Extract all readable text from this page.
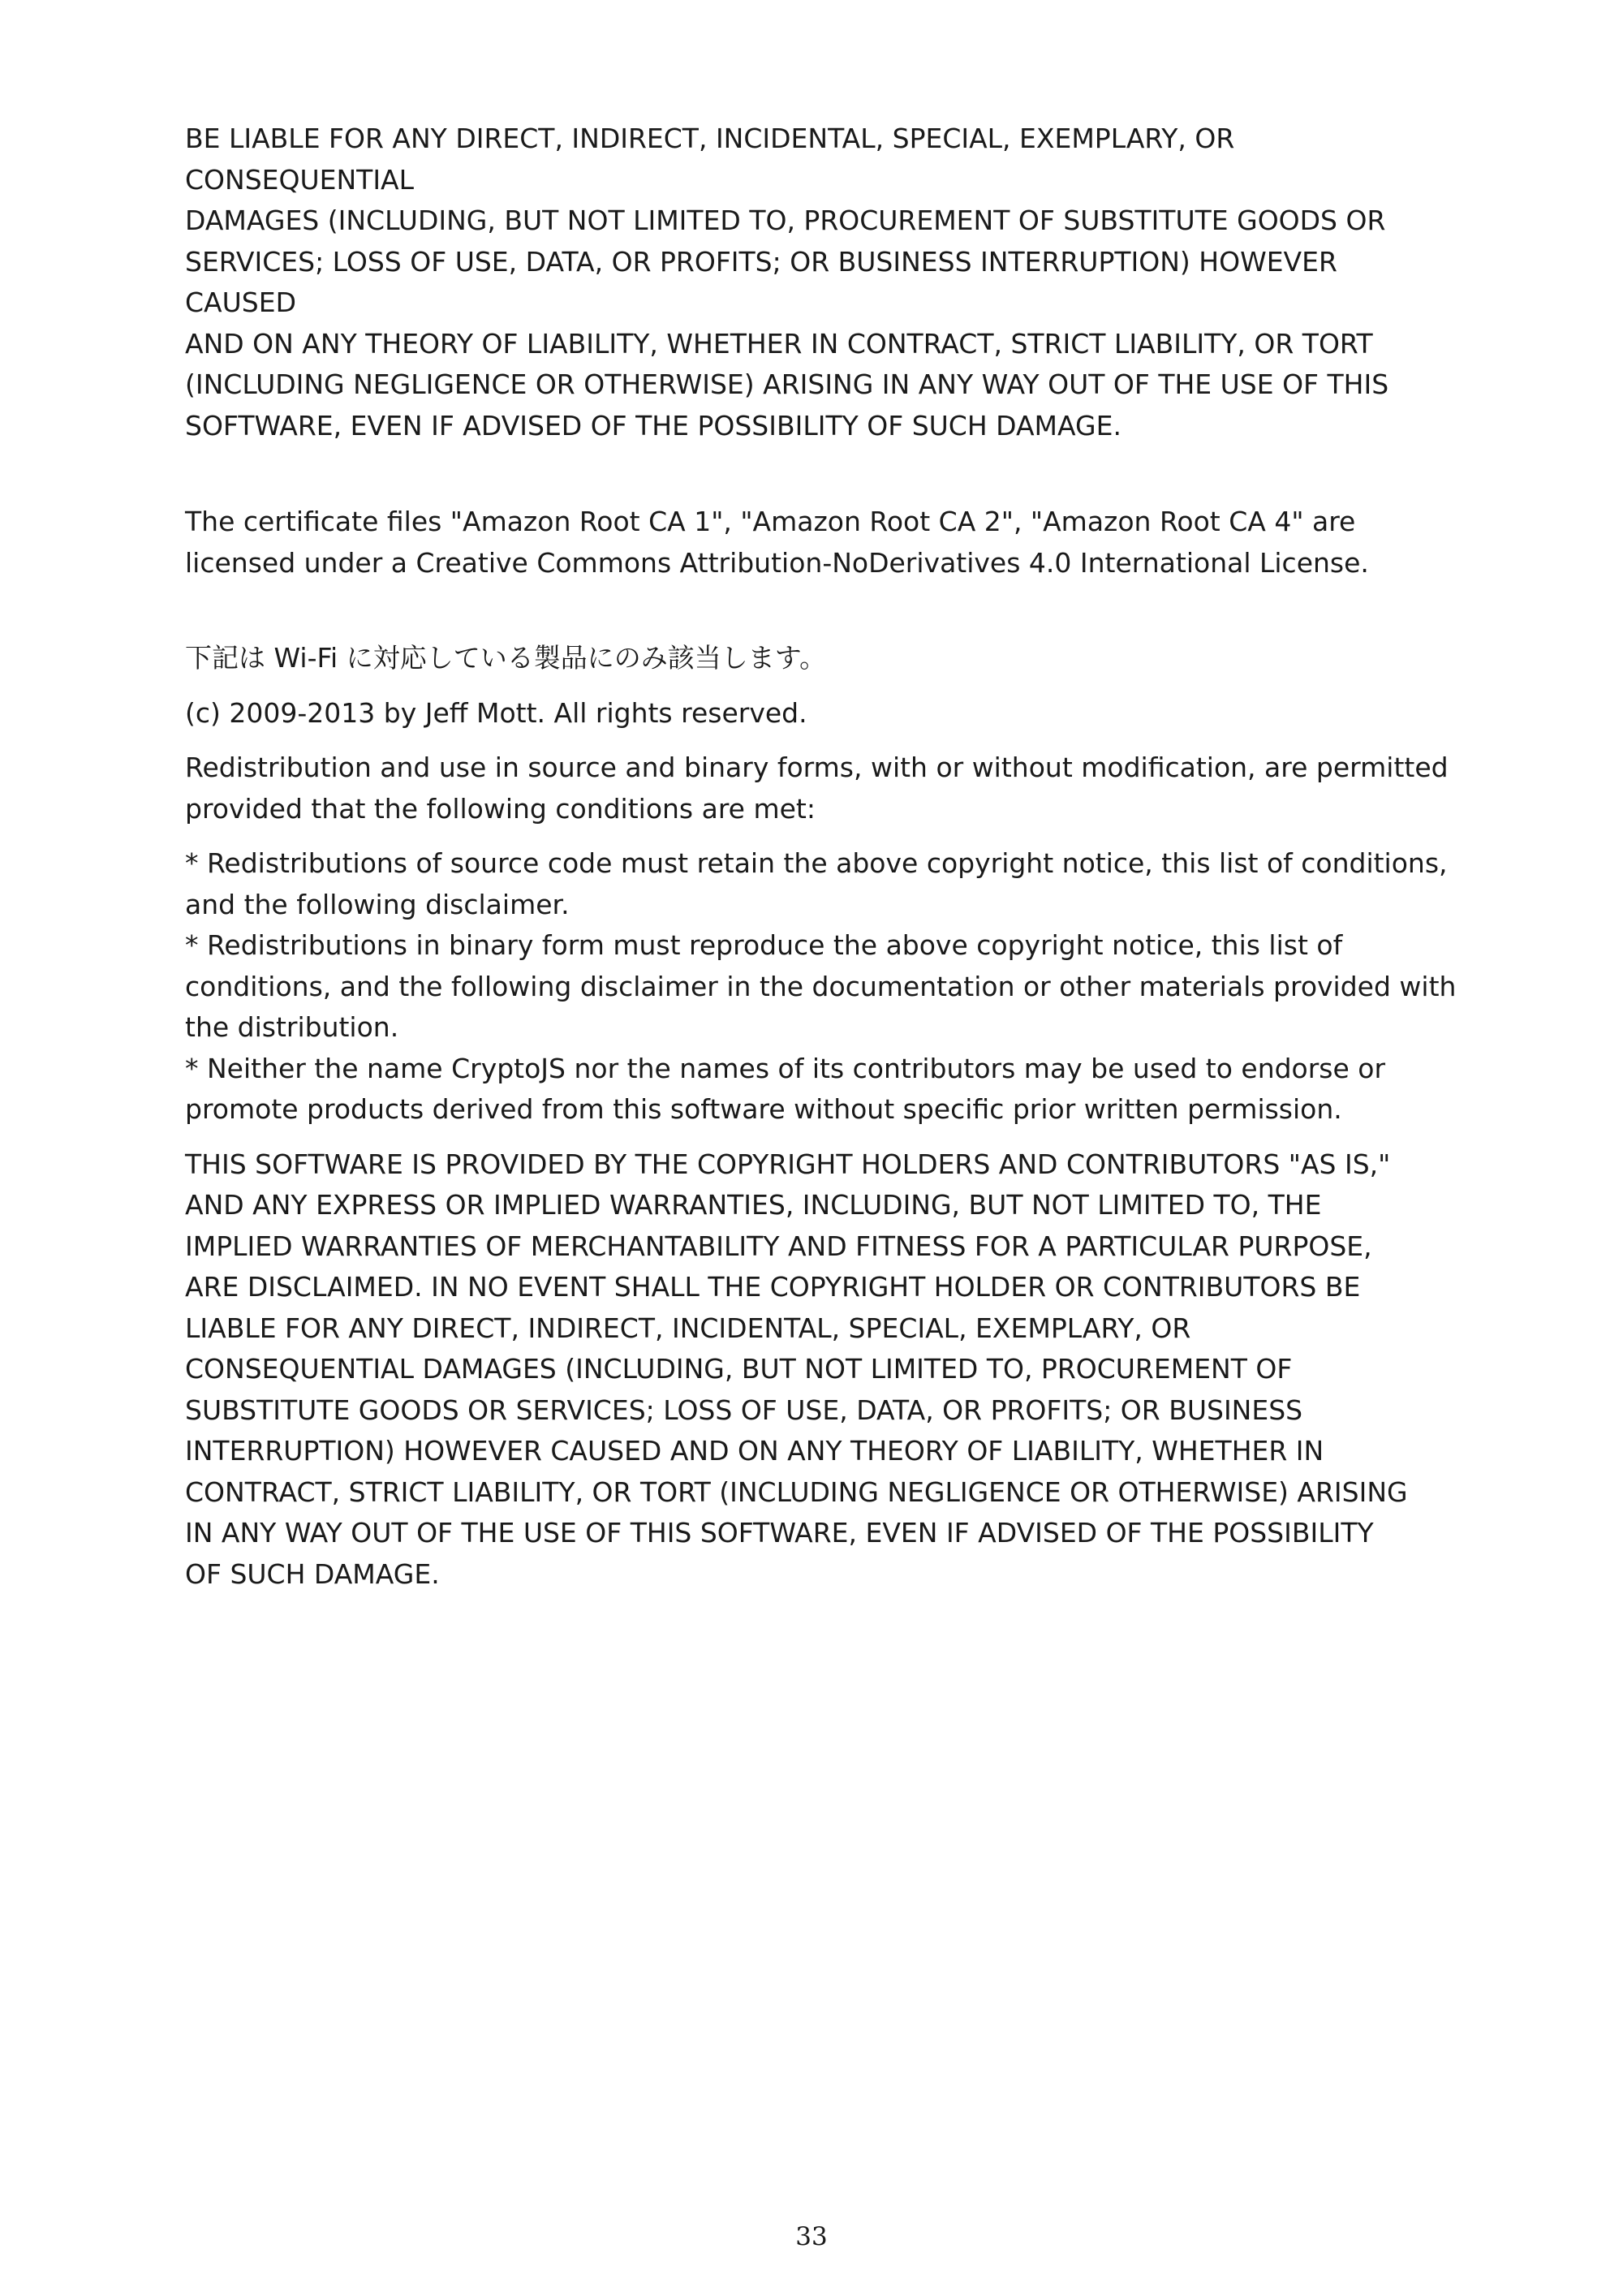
BE LIABLE FOR ANY DIRECT, INDIRECT, INCIDENTAL, SPECIAL, EXEMPLARY, OR
CONSEQUENTIAL
DAMAGES (INCLUDING, BUT NOT LIMITED TO, PROCUREMENT OF SUBSTITUTE GOODS OR
SERVICES; LOSS OF USE, DATA, OR PROFITS; OR BUSINESS INTERRUPTION) HOWEVER
CAUSED
AND ON ANY THEORY OF LIABILITY, WHETHER IN CONTRACT, STRICT LIABILITY, OR TORT
(INCLUDING NEGLIGENCE OR OTHERWISE) ARISING IN ANY WAY OUT OF THE USE OF THIS
SOFTWARE, EVEN IF ADVISED OF THE POSSIBILITY OF SUCH DAMAGE.
The certificate files "Amazon Root CA 1", "Amazon Root CA 2", "Amazon Root CA 4" are
licensed under a Creative Commons Attribution-NoDerivatives 4.0 International License.
下記は Wi-Fi に対応している製品にのみ該当します。
(c) 2009-2013 by Jeff Mott. All rights reserved.
Redistribution and use in source and binary forms, with or without modification, are permitted
provided that the following conditions are met:
* Redistributions of source code must retain the above copyright notice, this list of conditions,
and the following disclaimer.
* Redistributions in binary form must reproduce the above copyright notice, this list of
conditions, and the following disclaimer in the documentation or other materials provided with
the distribution.
* Neither the name CryptoJS nor the names of its contributors may be used to endorse or
promote products derived from this software without specific prior written permission.
THIS SOFTWARE IS PROVIDED BY THE COPYRIGHT HOLDERS AND CONTRIBUTORS "AS IS,"
AND ANY EXPRESS OR IMPLIED WARRANTIES, INCLUDING, BUT NOT LIMITED TO, THE
IMPLIED WARRANTIES OF MERCHANTABILITY AND FITNESS FOR A PARTICULAR PURPOSE,
ARE DISCLAIMED. IN NO EVENT SHALL THE COPYRIGHT HOLDER OR CONTRIBUTORS BE
LIABLE FOR ANY DIRECT, INDIRECT, INCIDENTAL, SPECIAL, EXEMPLARY, OR
CONSEQUENTIAL DAMAGES (INCLUDING, BUT NOT LIMITED TO, PROCUREMENT OF
SUBSTITUTE GOODS OR SERVICES; LOSS OF USE, DATA, OR PROFITS; OR BUSINESS
INTERRUPTION) HOWEVER CAUSED AND ON ANY THEORY OF LIABILITY, WHETHER IN
CONTRACT, STRICT LIABILITY, OR TORT (INCLUDING NEGLIGENCE OR OTHERWISE) ARISING
IN ANY WAY OUT OF THE USE OF THIS SOFTWARE, EVEN IF ADVISED OF THE POSSIBILITY
OF SUCH DAMAGE.
33
